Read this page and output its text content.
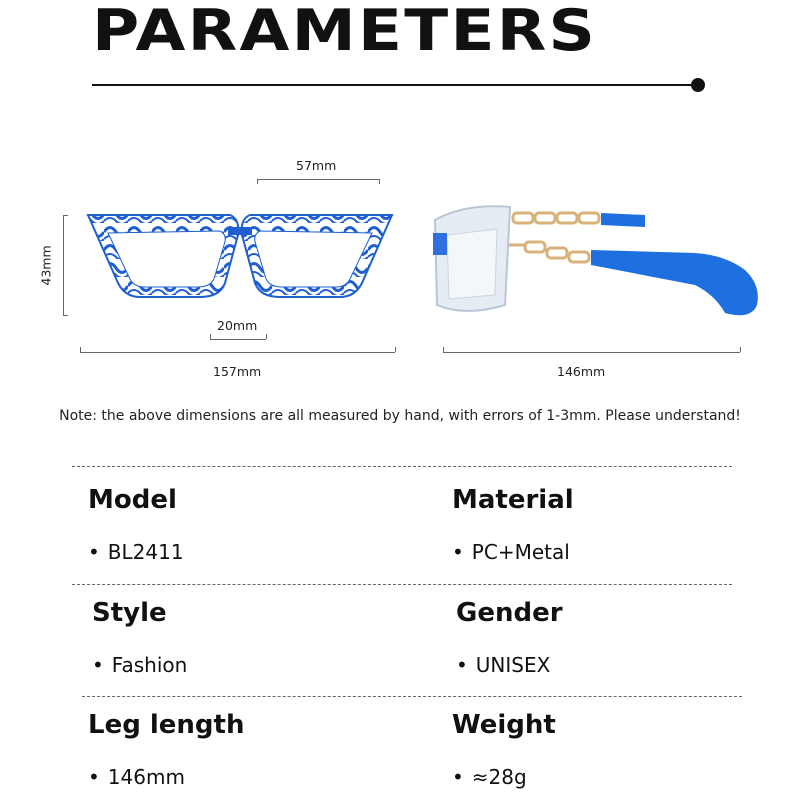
PARAMETERS
57mm
43mm
20mm
157mm	146mm
Note: the above dimensions are all measured by hand, with errors of 1-3mm. Please understand!
Model
• BL2411
Material
• PC+Metal
Style
• Fashion
Gender
• UNISEX
Leg length
• 146mm
Weight
• ≈28g
